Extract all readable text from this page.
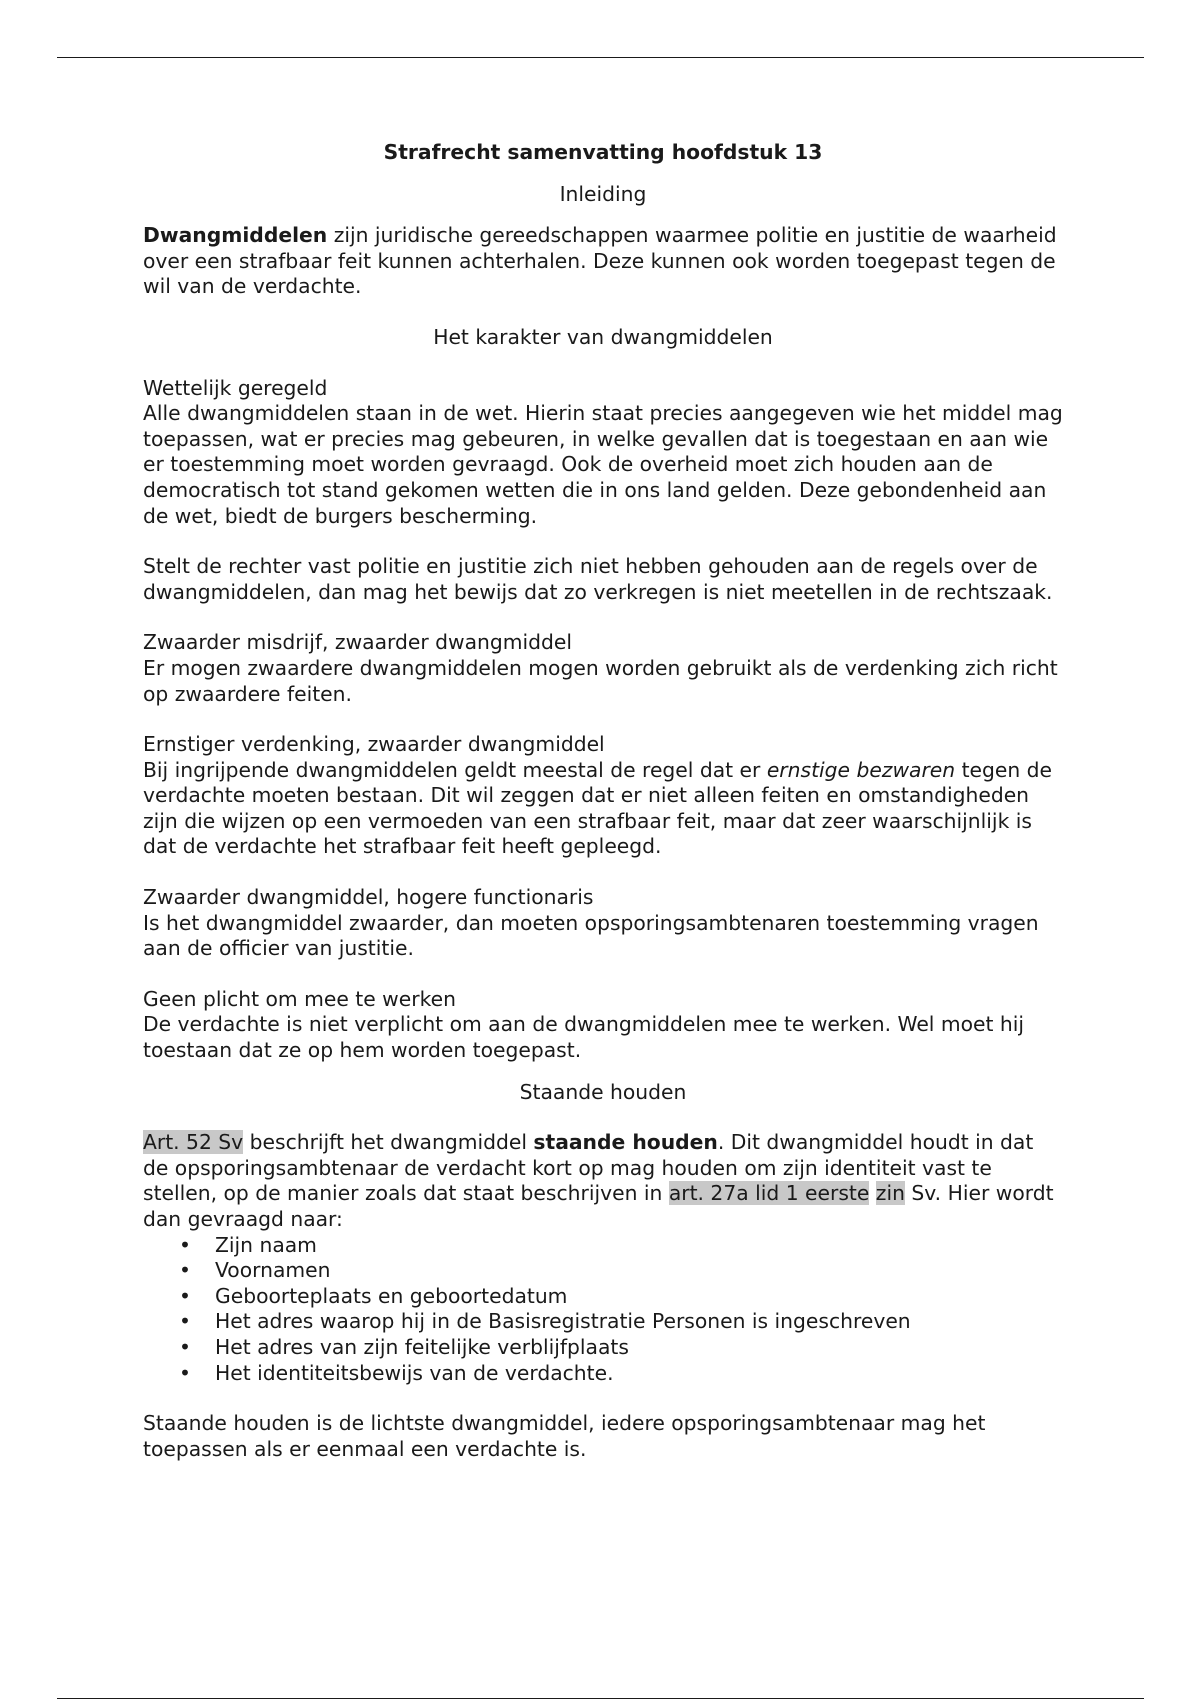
Strafrecht samenvatting hoofdstuk 13

Inleiding

Dwangmiddelen zijn juridische gereedschappen waarmee politie en justitie de waarheid over een strafbaar feit kunnen achterhalen. Deze kunnen ook worden toegepast tegen de wil van de verdachte.

Het karakter van dwangmiddelen

Wettelijk geregeld

Alle dwangmiddelen staan in de wet. Hierin staat precies aangegeven wie het middel mag toepassen, wat er precies mag gebeuren, in welke gevallen dat is toegestaan en aan wie er toestemming moet worden gevraagd. Ook de overheid moet zich houden aan de democratisch tot stand gekomen wetten die in ons land gelden. Deze gebondenheid aan de wet, biedt de burgers bescherming.

Stelt de rechter vast politie en justitie zich niet hebben gehouden aan de regels over de dwangmiddelen, dan mag het bewijs dat zo verkregen is niet meetellen in de rechtszaak.

Zwaarder misdrijf, zwaarder dwangmiddel

Er mogen zwaardere dwangmiddelen mogen worden gebruikt als de verdenking zich richt op zwaardere feiten.

Ernstiger verdenking, zwaarder dwangmiddel

Bij ingrijpende dwangmiddelen geldt meestal de regel dat er ernstige bezwaren tegen de verdachte moeten bestaan. Dit wil zeggen dat er niet alleen feiten en omstandigheden zijn die wijzen op een vermoeden van een strafbaar feit, maar dat zeer waarschijnlijk is dat de verdachte het strafbaar feit heeft gepleegd.

Zwaarder dwangmiddel, hogere functionaris

Is het dwangmiddel zwaarder, dan moeten opsporingsambtenaren toestemming vragen aan de officier van justitie.

Geen plicht om mee te werken

De verdachte is niet verplicht om aan de dwangmiddelen mee te werken. Wel moet hij toestaan dat ze op hem worden toegepast.

Staande houden

Art. 52 Sv beschrijft het dwangmiddel staande houden. Dit dwangmiddel houdt in dat de opsporingsambtenaar de verdacht kort op mag houden om zijn identiteit vast te stellen, op de manier zoals dat staat beschrijven in art. 27a lid 1 eerste zin Sv. Hier wordt dan gevraagd naar:

• Zijn naam
• Voornamen
• Geboorteplaats en geboortedatum
• Het adres waarop hij in de Basisregistratie Personen is ingeschreven
• Het adres van zijn feitelijke verblijfplaats
• Het identiteitsbewijs van de verdachte.

Staande houden is de lichtste dwangmiddel, iedere opsporingsambtenaar mag het toepassen als er eenmaal een verdachte is.
